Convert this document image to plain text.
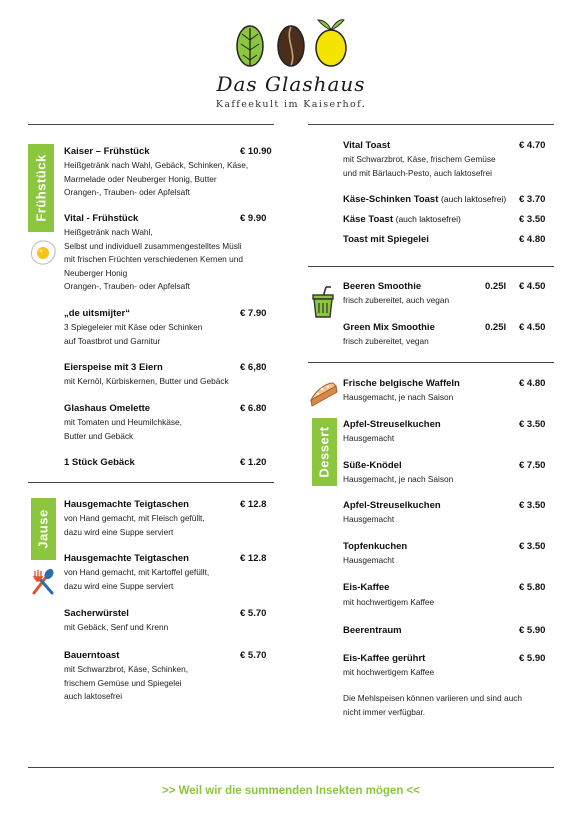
Das Glashaus
Kaffeekult im Kaiserhof.
Frühstück
Jause
Dessert
Kaiser – Frühstück	€ 10.90
Heißgetränk nach Wahl, Gebäck, Schinken, Käse,
Marmelade oder Neuberger Honig, Butter
Orangen-, Trauben- oder Apfelsaft
Vital - Frühstück	€ 9.90
Heißgetränk nach Wahl,
Selbst und individuell zusammengestelltes Müsli
mit frischen Früchten verschiedenen Kernen und
Neuberger Honig
Orangen-, Trauben- oder Apfelsaft
„de uitsmijter“	€ 7.90
3 Spiegeleier mit Käse oder Schinken
auf Toastbrot und Garnitur
Eierspeise mit 3 Eiern	€ 6,80
mit Kernöl, Kürbiskernen, Butter und Gebäck
Glashaus Omelette	€ 6.80
mit Tomaten und Heumilchkäse,
Butter und Gebäck
1 Stück Gebäck	€ 1.20
Hausgemachte Teigtaschen	€ 12.8
von Hand gemacht, mit Fleisch gefüllt,
dazu wird eine Suppe serviert
Hausgemachte Teigtaschen	€ 12.8
von Hand gemacht, mit Kartoffel gefüllt,
dazu wird eine Suppe serviert
Sacherwürstel	€ 5.70
mit Gebäck, Senf und Krenn
Bauerntoast	€ 5.70
mit Schwarzbrot, Käse, Schinken,
frischem Gemüse und Spiegelei
auch laktosefrei
Vital Toast	€ 4.70
mit Schwarzbrot, Käse, frischem Gemüse
und mit Bärlauch-Pesto, auch laktosefrei
Käse-Schinken Toast (auch laktosefrei) € 3.70
Käse Toast (auch laktosefrei)	€ 3.50
Toast mit Spiegelei	€ 4.80
Beeren Smoothie	0.25l € 4.50
frisch zubereitet, auch vegan
Green Mix Smoothie	0.25l € 4.50
frisch zubereitet, vegan
Frische belgische Waffeln	€ 4.80
Hausgemacht, je nach Saison
Apfel-Streuselkuchen	€ 3.50
Hausgemacht
Süße-Knödel	€ 7.50
Hausgemacht, je nach Saison
Apfel-Streuselkuchen	€ 3.50
Hausgemacht
Topfenkuchen	€ 3.50
Hausgemacht
Eis-Kaffee	€ 5.80
mit hochwertigem Kaffee
Beerentraum	€ 5.90
Eis-Kaffee gerührt	€ 5.90
mit hochwertigem Kaffee
Die Mehlspeisen können variieren und sind auch
nicht immer verfügbar.
>> Weil wir die summenden Insekten mögen <<
